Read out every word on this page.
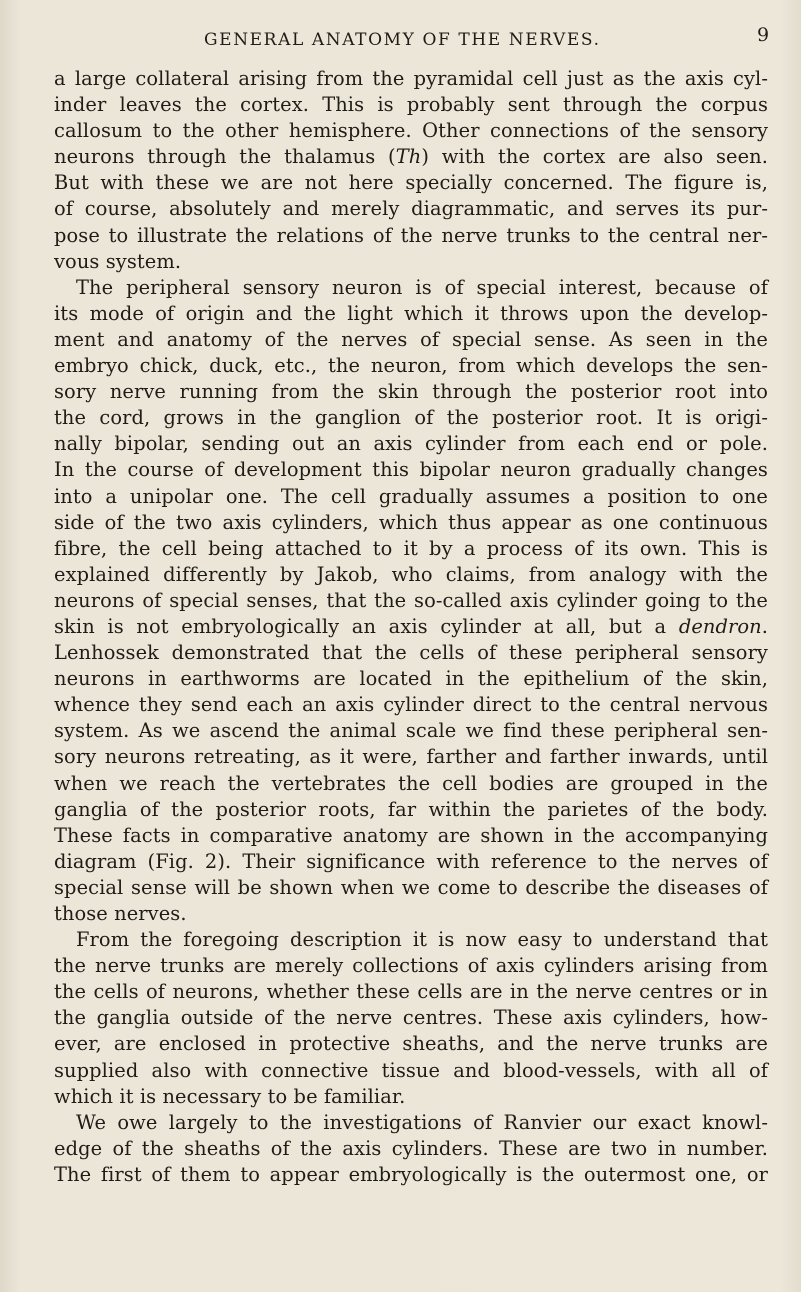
GENERAL ANATOMY OF THE NERVES.	9
a large collateral arising from the pyramidal cell just as the axis cyl-
inder leaves the cortex. This is probably sent through the corpus
callosum to the other hemisphere. Other connections of the sensory
neurons through the thalamus (Th) with the cortex are also seen.
But with these we are not here specially concerned. The figure is,
of course, absolutely and merely diagrammatic, and serves its pur-
pose to illustrate the relations of the nerve trunks to the central ner-
vous system.
The peripheral sensory neuron is of special interest, because of
its mode of origin and the light which it throws upon the develop-
ment and anatomy of the nerves of special sense. As seen in the
embryo chick, duck, etc., the neuron, from which develops the sen-
sory nerve running from the skin through the posterior root into
the cord, grows in the ganglion of the posterior root. It is origi-
nally bipolar, sending out an axis cylinder from each end or pole.
In the course of development this bipolar neuron gradually changes
into a unipolar one. The cell gradually assumes a position to one
side of the two axis cylinders, which thus appear as one continuous
fibre, the cell being attached to it by a process of its own. This is
explained differently by Jakob, who claims, from analogy with the
neurons of special senses, that the so-called axis cylinder going to the
skin is not embryologically an axis cylinder at all, but a dendron.
Lenhossek demonstrated that the cells of these peripheral sensory
neurons in earthworms are located in the epithelium of the skin,
whence they send each an axis cylinder direct to the central nervous
system. As we ascend the animal scale we find these peripheral sen-
sory neurons retreating, as it were, farther and farther inwards, until
when we reach the vertebrates the cell bodies are grouped in the
ganglia of the posterior roots, far within the parietes of the body.
These facts in comparative anatomy are shown in the accompanying
diagram (Fig. 2). Their significance with reference to the nerves of
special sense will be shown when we come to describe the diseases of
those nerves.
From the foregoing description it is now easy to understand that
the nerve trunks are merely collections of axis cylinders arising from
the cells of neurons, whether these cells are in the nerve centres or in
the ganglia outside of the nerve centres. These axis cylinders, how-
ever, are enclosed in protective sheaths, and the nerve trunks are
supplied also with connective tissue and blood-vessels, with all of
which it is necessary to be familiar.
We owe largely to the investigations of Ranvier our exact knowl-
edge of the sheaths of the axis cylinders. These are two in number.
The first of them to appear embryologically is the outermost one, or
